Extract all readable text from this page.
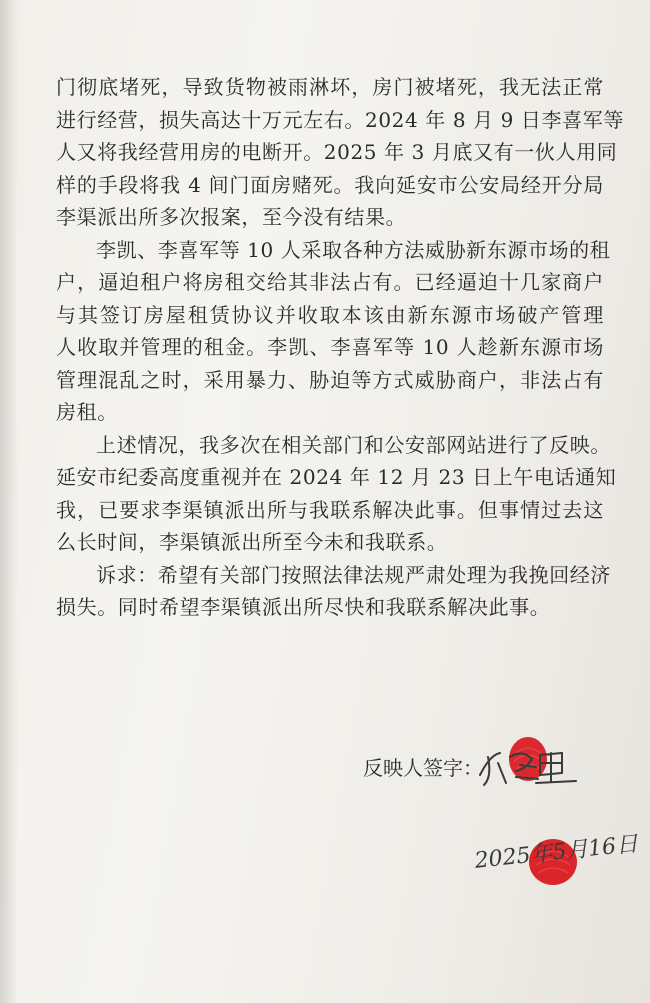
门彻底堵死，导致货物被雨淋坏，房门被堵死，我无法正常
进行经营，损失高达十万元左右。2024 年 8 月 9 日李喜军等
人又将我经营用房的电断开。2025 年 3 月底又有一伙人用同
样的手段将我 4 间门面房赌死。我向延安市公安局经开分局
李渠派出所多次报案，至今没有结果。
李凯、李喜军等 10 人采取各种方法威胁新东源市场的租
户，逼迫租户将房租交给其非法占有。已经逼迫十几家商户
与其签订房屋租赁协议并收取本该由新东源市场破产管理
人收取并管理的租金。李凯、李喜军等 10 人趁新东源市场
管理混乱之时，采用暴力、胁迫等方式威胁商户，非法占有
房租。
上述情况，我多次在相关部门和公安部网站进行了反映。
延安市纪委高度重视并在 2024 年 12 月 23 日上午电话通知
我，已要求李渠镇派出所与我联系解决此事。但事情过去这
么长时间，李渠镇派出所至今未和我联系。
诉求：希望有关部门按照法律法规严肃处理为我挽回经济
损失。同时希望李渠镇派出所尽快和我联系解决此事。
反映人签字：
2025年5月16日
